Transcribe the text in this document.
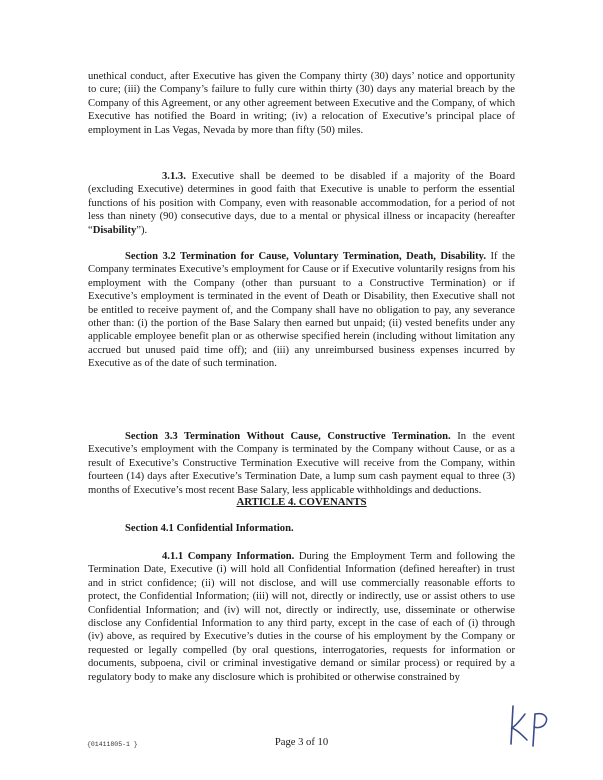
unethical conduct, after Executive has given the Company thirty (30) days’ notice and opportunity to cure; (iii) the Company’s failure to fully cure within thirty (30) days any material breach by the Company of this Agreement, or any other agreement between Executive and the Company, of which Executive has notified the Board in writing; (iv) a relocation of Executive’s principal place of employment in Las Vegas, Nevada by more than fifty (50) miles.

3.1.3. Executive shall be deemed to be disabled if a majority of the Board (excluding Executive) determines in good faith that Executive is unable to perform the essential functions of his position with Company, even with reasonable accommodation, for a period of not less than ninety (90) consecutive days, due to a mental or physical illness or incapacity (hereafter “Disability”).

Section 3.2 Termination for Cause, Voluntary Termination, Death, Disability. If the Company terminates Executive’s employment for Cause or if Executive voluntarily resigns from his employment with the Company (other than pursuant to a Constructive Termination) or if Executive’s employment is terminated in the event of Death or Disability, then Executive shall not be entitled to receive payment of, and the Company shall have no obligation to pay, any severance other than: (i) the portion of the Base Salary then earned but unpaid; (ii) vested benefits under any applicable employee benefit plan or as otherwise specified herein (including without limitation any accrued but unused paid time off); and (iii) any unreimbursed business expenses incurred by Executive as of the date of such termination.

Section 3.3 Termination Without Cause, Constructive Termination. In the event Executive’s employment with the Company is terminated by the Company without Cause, or as a result of Executive’s Constructive Termination Executive will receive from the Company, within fourteen (14) days after Executive’s Termination Date, a lump sum cash payment equal to three (3) months of Executive’s most recent Base Salary, less applicable withholdings and deductions.

ARTICLE 4. COVENANTS
Section 4.1 Confidential Information.

4.1.1 Company Information. During the Employment Term and following the Termination Date, Executive (i) will hold all Confidential Information (defined hereafter) in trust and in strict confidence; (ii) will not disclose, and will use commercially reasonable efforts to protect, the Confidential Information; (iii) will not, directly or indirectly, use or assist others to use Confidential Information; and (iv) will not, directly or indirectly, use, disseminate or otherwise disclose any Confidential Information to any third party, except in the case of each of (i) through (iv) above, as required by Executive’s duties in the course of his employment by the Company or requested or legally compelled (by oral questions, interrogatories, requests for information or documents, subpoena, civil or criminal investigative demand or similar process) or required by a regulatory body to make any disclosure which is prohibited or otherwise constrained by

{01411805-1 }	Page 3 of 10
